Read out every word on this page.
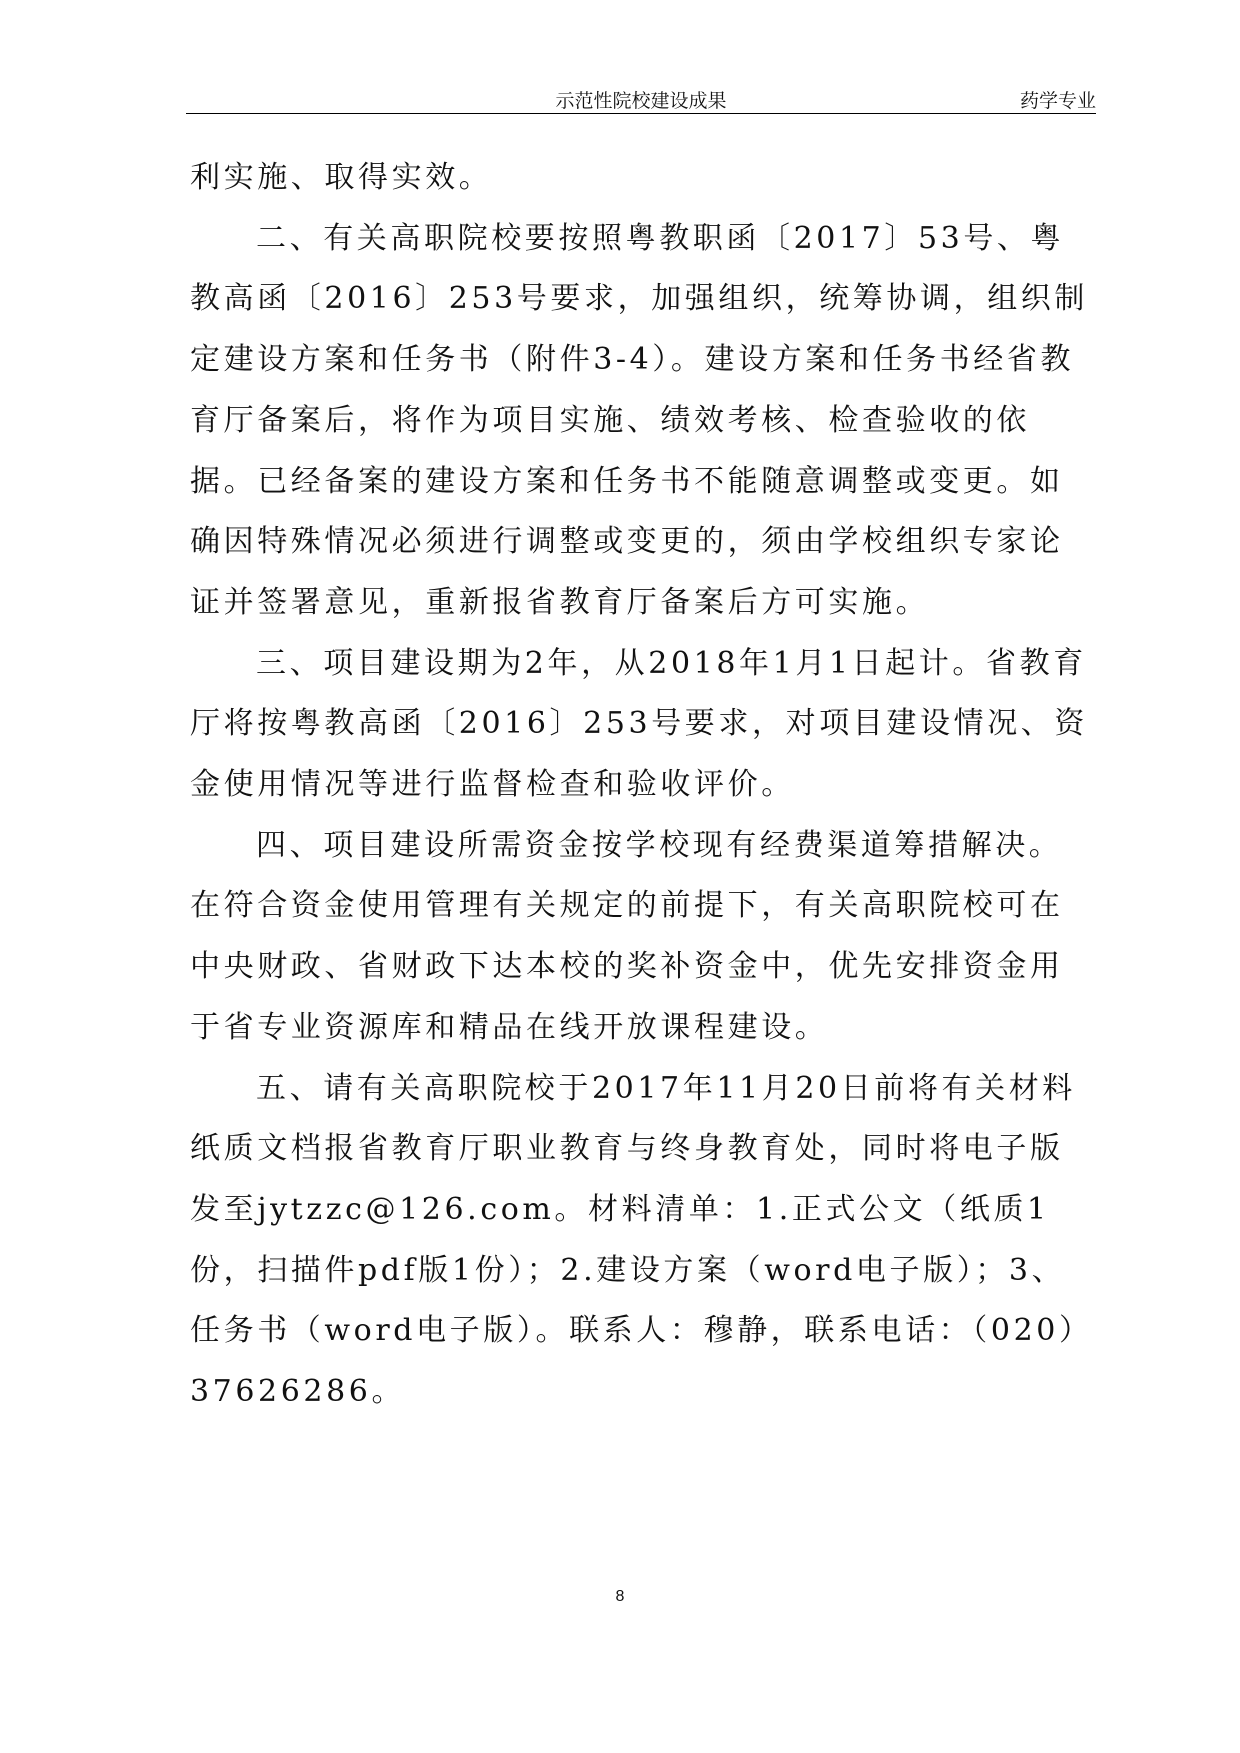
示范性院校建设成果	药学专业

利实施、取得实效。

二、有关高职院校要按照粤教职函〔2017〕53号、粤教高函〔2016〕253号要求，加强组织，统筹协调，组织制定建设方案和任务书（附件3-4）。建设方案和任务书经省教育厅备案后，将作为项目实施、绩效考核、检查验收的依据。已经备案的建设方案和任务书不能随意调整或变更。如确因特殊情况必须进行调整或变更的，须由学校组织专家论证并签署意见，重新报省教育厅备案后方可实施。

三、项目建设期为2年，从2018年1月1日起计。省教育厅将按粤教高函〔2016〕253号要求，对项目建设情况、资金使用情况等进行监督检查和验收评价。

四、项目建设所需资金按学校现有经费渠道筹措解决。在符合资金使用管理有关规定的前提下，有关高职院校可在中央财政、省财政下达本校的奖补资金中，优先安排资金用于省专业资源库和精品在线开放课程建设。

五、请有关高职院校于2017年11月20日前将有关材料纸质文档报省教育厅职业教育与终身教育处，同时将电子版发至jytzzc@126.com。材料清单：1.正式公文（纸质1份，扫描件pdf版1份）；2.建设方案（word电子版）；3、任务书（word电子版）。联系人：穆静，联系电话：（020）37626286。

8
